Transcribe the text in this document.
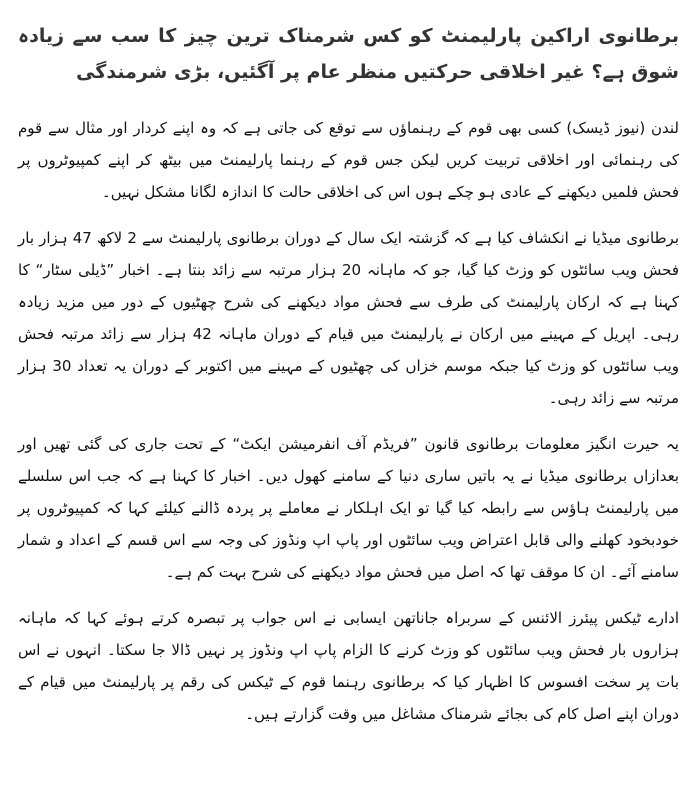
برطانوی اراکین پارلیمنٹ کو کس شرمناک ترین چیز کا سب سے زیادہ شوق ہے؟ غیر اخلاقی حرکتیں منظر عام پر آگئیں، بڑی شرمندگی

لندن (نیوز ڈیسک) کسی بھی قوم کے رہنماؤں سے توقع کی جاتی ہے کہ وہ اپنے کردار اور مثال سے قوم کی رہنمائی اور اخلاقی تربیت کریں لیکن جس قوم کے رہنما پارلیمنٹ میں بیٹھ کر اپنے کمپیوٹروں پر فحش فلمیں دیکھنے کے عادی ہو چکے ہوں اس کی اخلاقی حالت کا اندازہ لگانا مشکل نہیں۔

برطانوی میڈیا نے انکشاف کیا ہے کہ گزشتہ ایک سال کے دوران برطانوی پارلیمنٹ سے 2 لاکھ 47 ہزار بار فحش ویب سائٹوں کو وزٹ کیا گیا، جو کہ ماہانہ 20 ہزار مرتبہ سے زائد بنتا ہے۔ اخبار ”ڈیلی سٹار“ کا کہنا ہے کہ ارکان پارلیمنٹ کی طرف سے فحش مواد دیکھنے کی شرح چھٹیوں کے دور میں مزید زیادہ رہی۔ اپریل کے مہینے میں ارکان نے پارلیمنٹ میں قیام کے دوران ماہانہ 42 ہزار سے زائد مرتبہ فحش ویب سائٹوں کو وزٹ کیا جبکہ موسم خزاں کی چھٹیوں کے مہینے میں اکتوبر کے دوران یہ تعداد 30 ہزار مرتبہ سے زائد رہی۔

یہ حیرت انگیز معلومات برطانوی قانون ”فریڈم آف انفرمیشن ایکٹ“ کے تحت جاری کی گئی تھیں اور بعدازاں برطانوی میڈیا نے یہ باتیں ساری دنیا کے سامنے کھول دیں۔ اخبار کا کہنا ہے کہ جب اس سلسلے میں پارلیمنٹ ہاؤس سے رابطہ کیا گیا تو ایک اہلکار نے معاملے پر پردہ ڈالنے کیلئے کہا کہ کمپیوٹروں پر خودبخود کھلنے والی قابل اعتراض ویب سائٹوں اور پاپ اپ ونڈوز کی وجہ سے اس قسم کے اعداد و شمار سامنے آئے۔ ان کا موقف تھا کہ اصل میں فحش مواد دیکھنے کی شرح بہت کم ہے۔

ادارے ٹیکس پیئرز الائنس کے سربراہ جاناتھن ایسابی نے اس جواب پر تبصرہ کرتے ہوئے کہا کہ ماہانہ ہزاروں بار فحش ویب سائٹوں کو وزٹ کرنے کا الزام پاپ اپ ونڈوز پر نہیں ڈالا جا سکتا۔ انہوں نے اس بات پر سخت افسوس کا اظہار کیا کہ برطانوی رہنما قوم کے ٹیکس کی رقم پر پارلیمنٹ میں قیام کے دوران اپنے اصل کام کی بجائے شرمناک مشاغل میں وقت گزارتے ہیں۔
